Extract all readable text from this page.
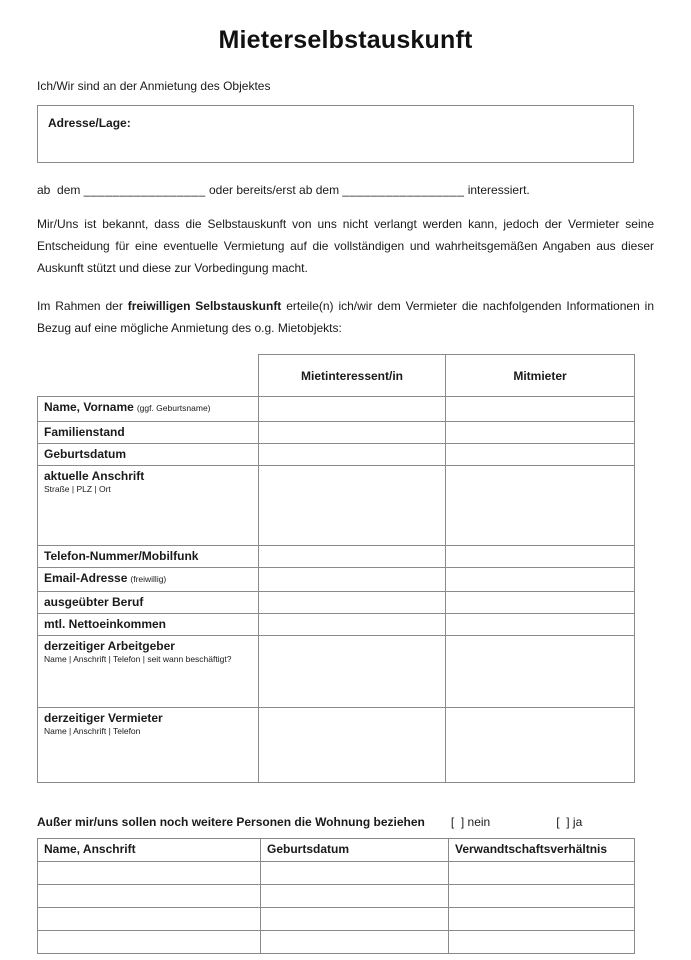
Mieterselbstauskunft

Ich/Wir sind an der Anmietung des Objektes

Adresse/Lage:

ab  dem _________________ oder bereits/erst ab dem _________________ interessiert.

Mir/Uns ist bekannt, dass die Selbstauskunft von uns nicht verlangt werden kann, jedoch der Vermieter seine Entscheidung für eine eventuelle Vermietung auf die vollständigen und wahrheitsgemäßen Angaben aus dieser Auskunft stützt und diese zur Vorbedingung macht.

Im Rahmen der freiwilligen Selbstauskunft erteile(n) ich/wir dem Vermieter die nachfolgenden Informationen in Bezug auf eine mögliche Anmietung des o.g. Mietobjekts:

	Mietinteressent/in	Mitmieter
Name, Vorname (ggf. Geburtsname)		
Familienstand		
Geburtsdatum		
aktuelle Anschrift
Straße | PLZ | Ort		

Telefon-Nummer/Mobilfunk		
Email-Adresse (freiwillig)		
ausgeübter Beruf		
mtl. Nettoeinkommen		
derzeitiger Arbeitgeber
Name | Anschrift | Telefon | seit wann beschäftigt?		

derzeitiger Vermieter
Name | Anschrift | Telefon		

Außer mir/uns sollen noch weitere Personen die Wohnung beziehen [  ] nein	[  ] ja
Name, Anschrift	Geburtsdatum	Verwandtschaftsverhältnis
